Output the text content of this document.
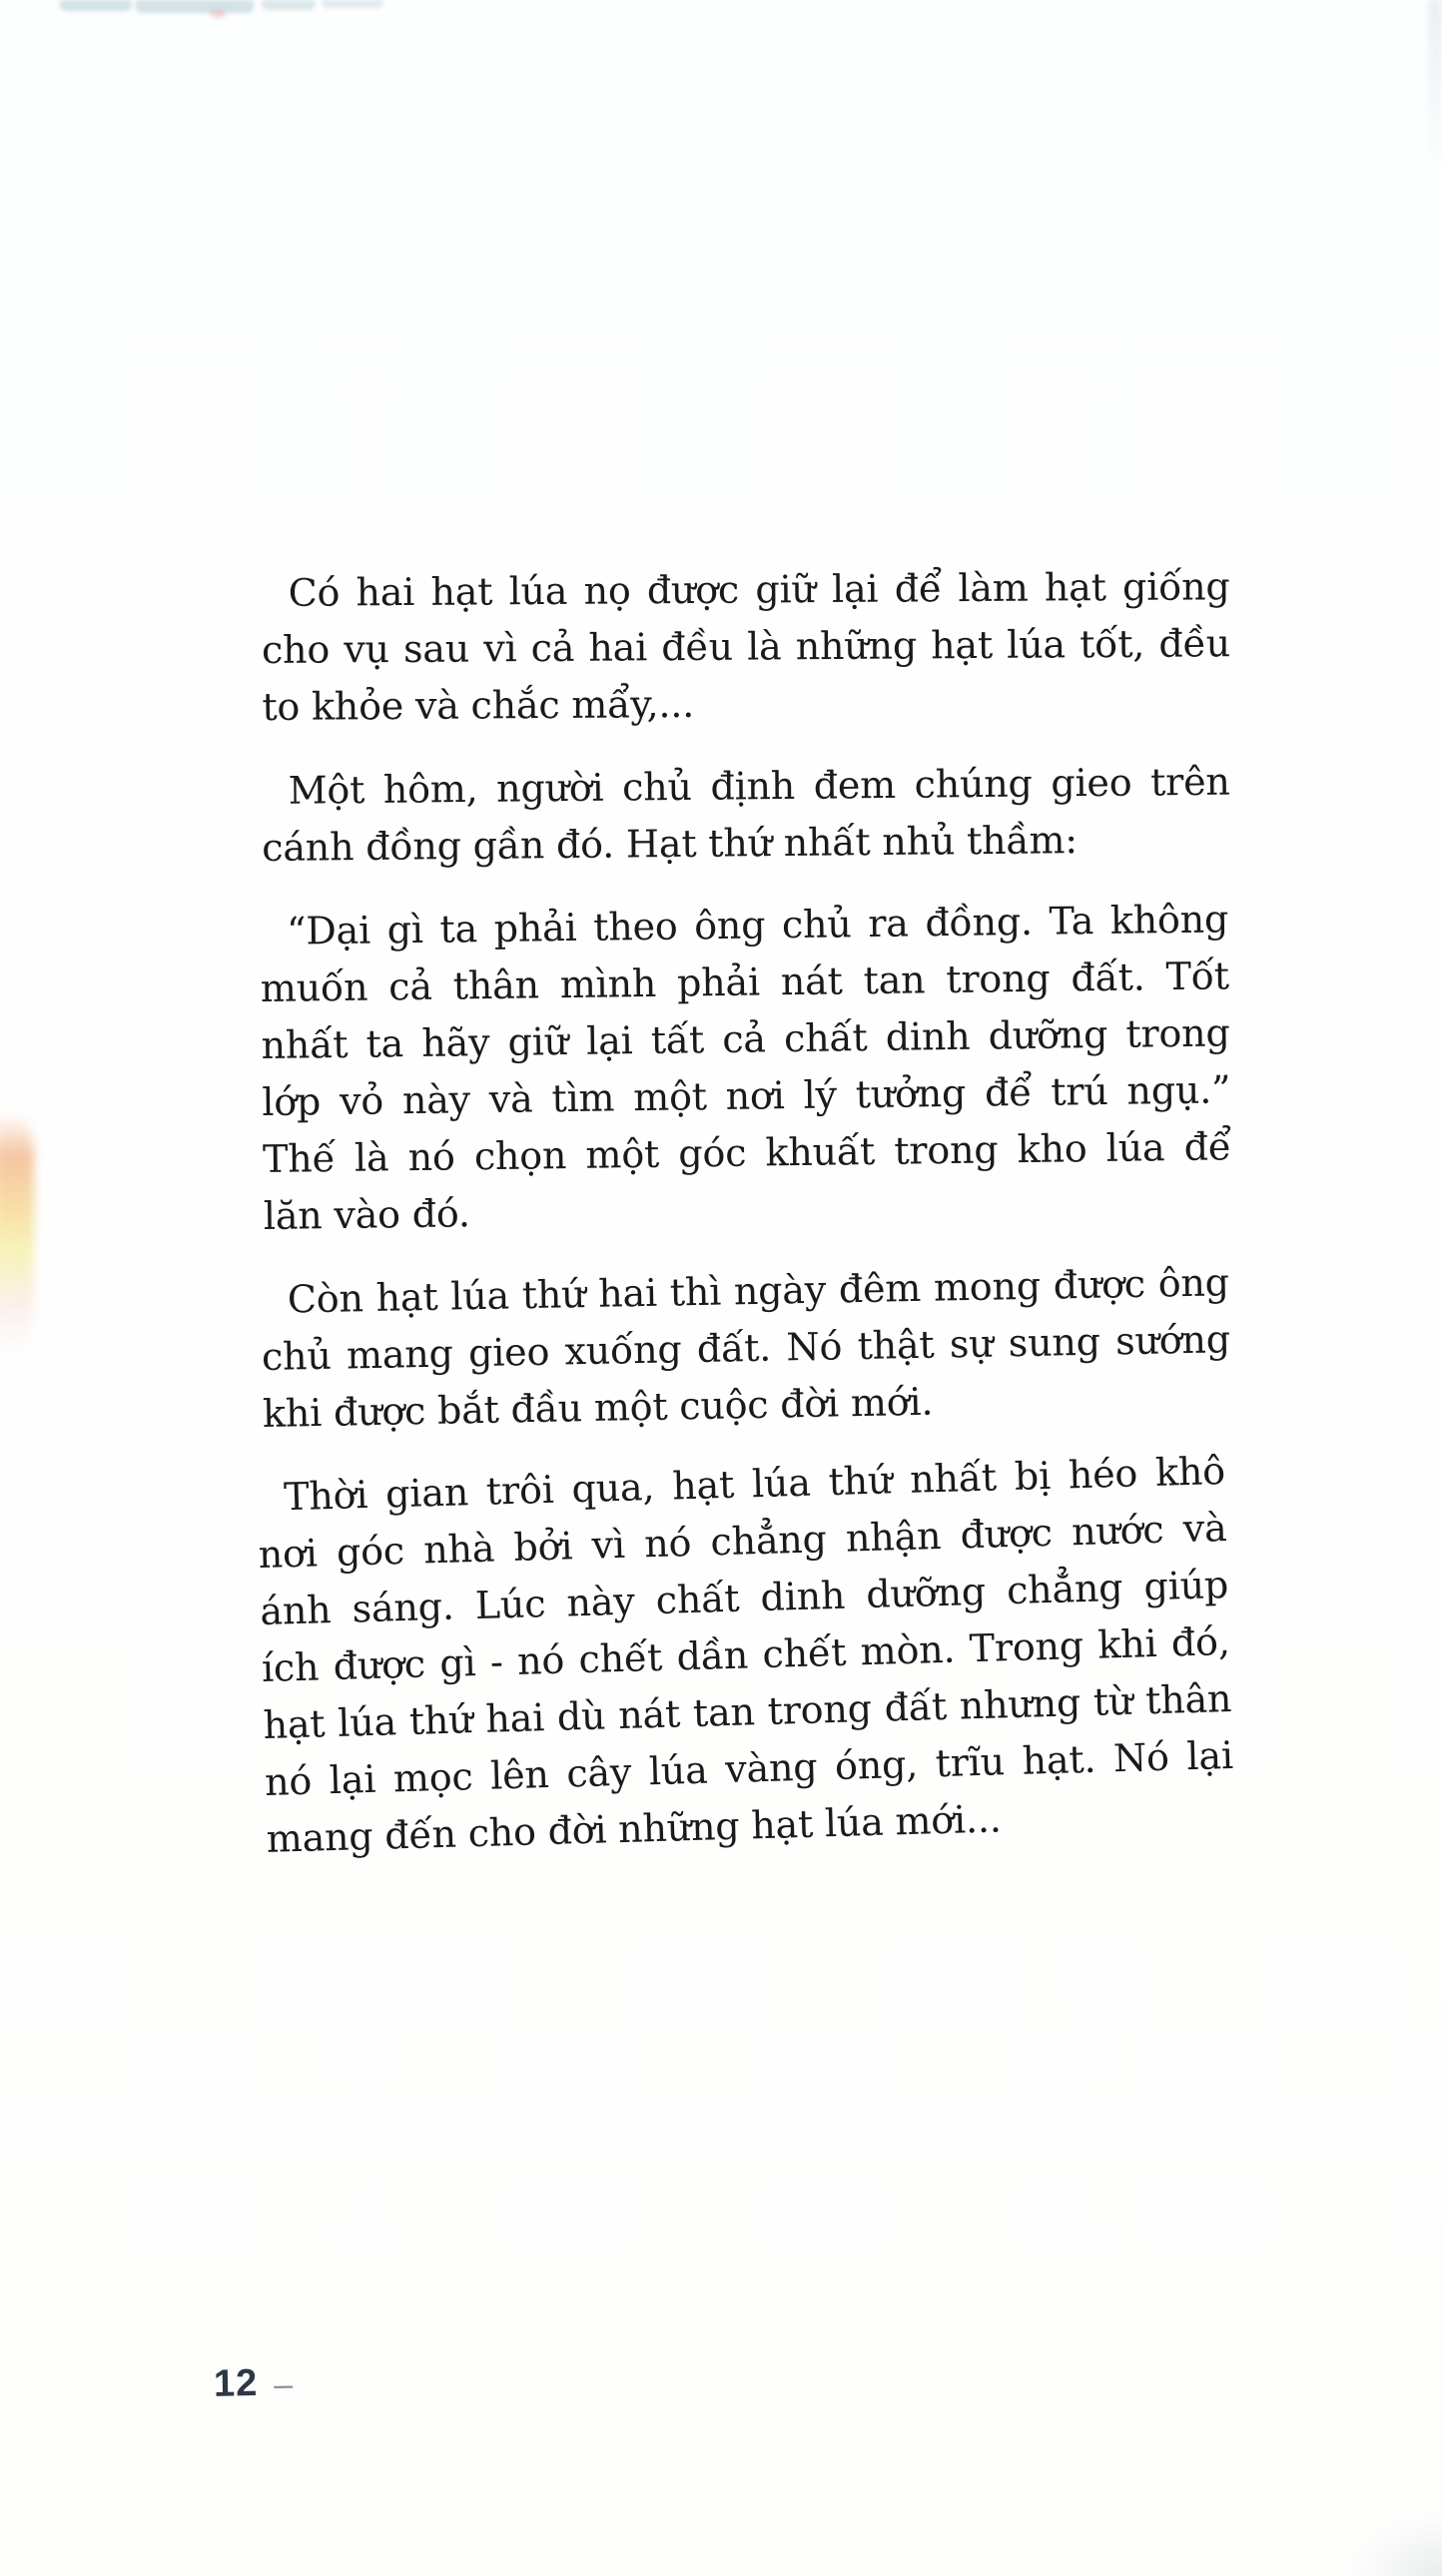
Có hai hạt lúa nọ được giữ lại để làm hạt giống
cho vụ sau vì cả hai đều là những hạt lúa tốt, đều
to khỏe và chắc mẩy,...
Một hôm, người chủ định đem chúng gieo trên
cánh đồng gần đó. Hạt thứ nhất nhủ thầm:
“Dại gì ta phải theo ông chủ ra đồng. Ta không
muốn cả thân mình phải nát tan trong đất. Tốt
nhất ta hãy giữ lại tất cả chất dinh dưỡng trong
lớp vỏ này và tìm một nơi lý tưởng để trú ngụ.”
Thế là nó chọn một góc khuất trong kho lúa để
lăn vào đó.
Còn hạt lúa thứ hai thì ngày đêm mong được ông
chủ mang gieo xuống đất. Nó thật sự sung sướng
khi được bắt đầu một cuộc đời mới.
Thời gian trôi qua, hạt lúa thứ nhất bị héo khô
nơi góc nhà bởi vì nó chẳng nhận được nước và
ánh sáng. Lúc này chất dinh dưỡng chẳng giúp
ích được gì - nó chết dần chết mòn. Trong khi đó,
hạt lúa thứ hai dù nát tan trong đất nhưng từ thân
nó lại mọc lên cây lúa vàng óng, trĩu hạt. Nó lại
mang đến cho đời những hạt lúa mới...
12 –
